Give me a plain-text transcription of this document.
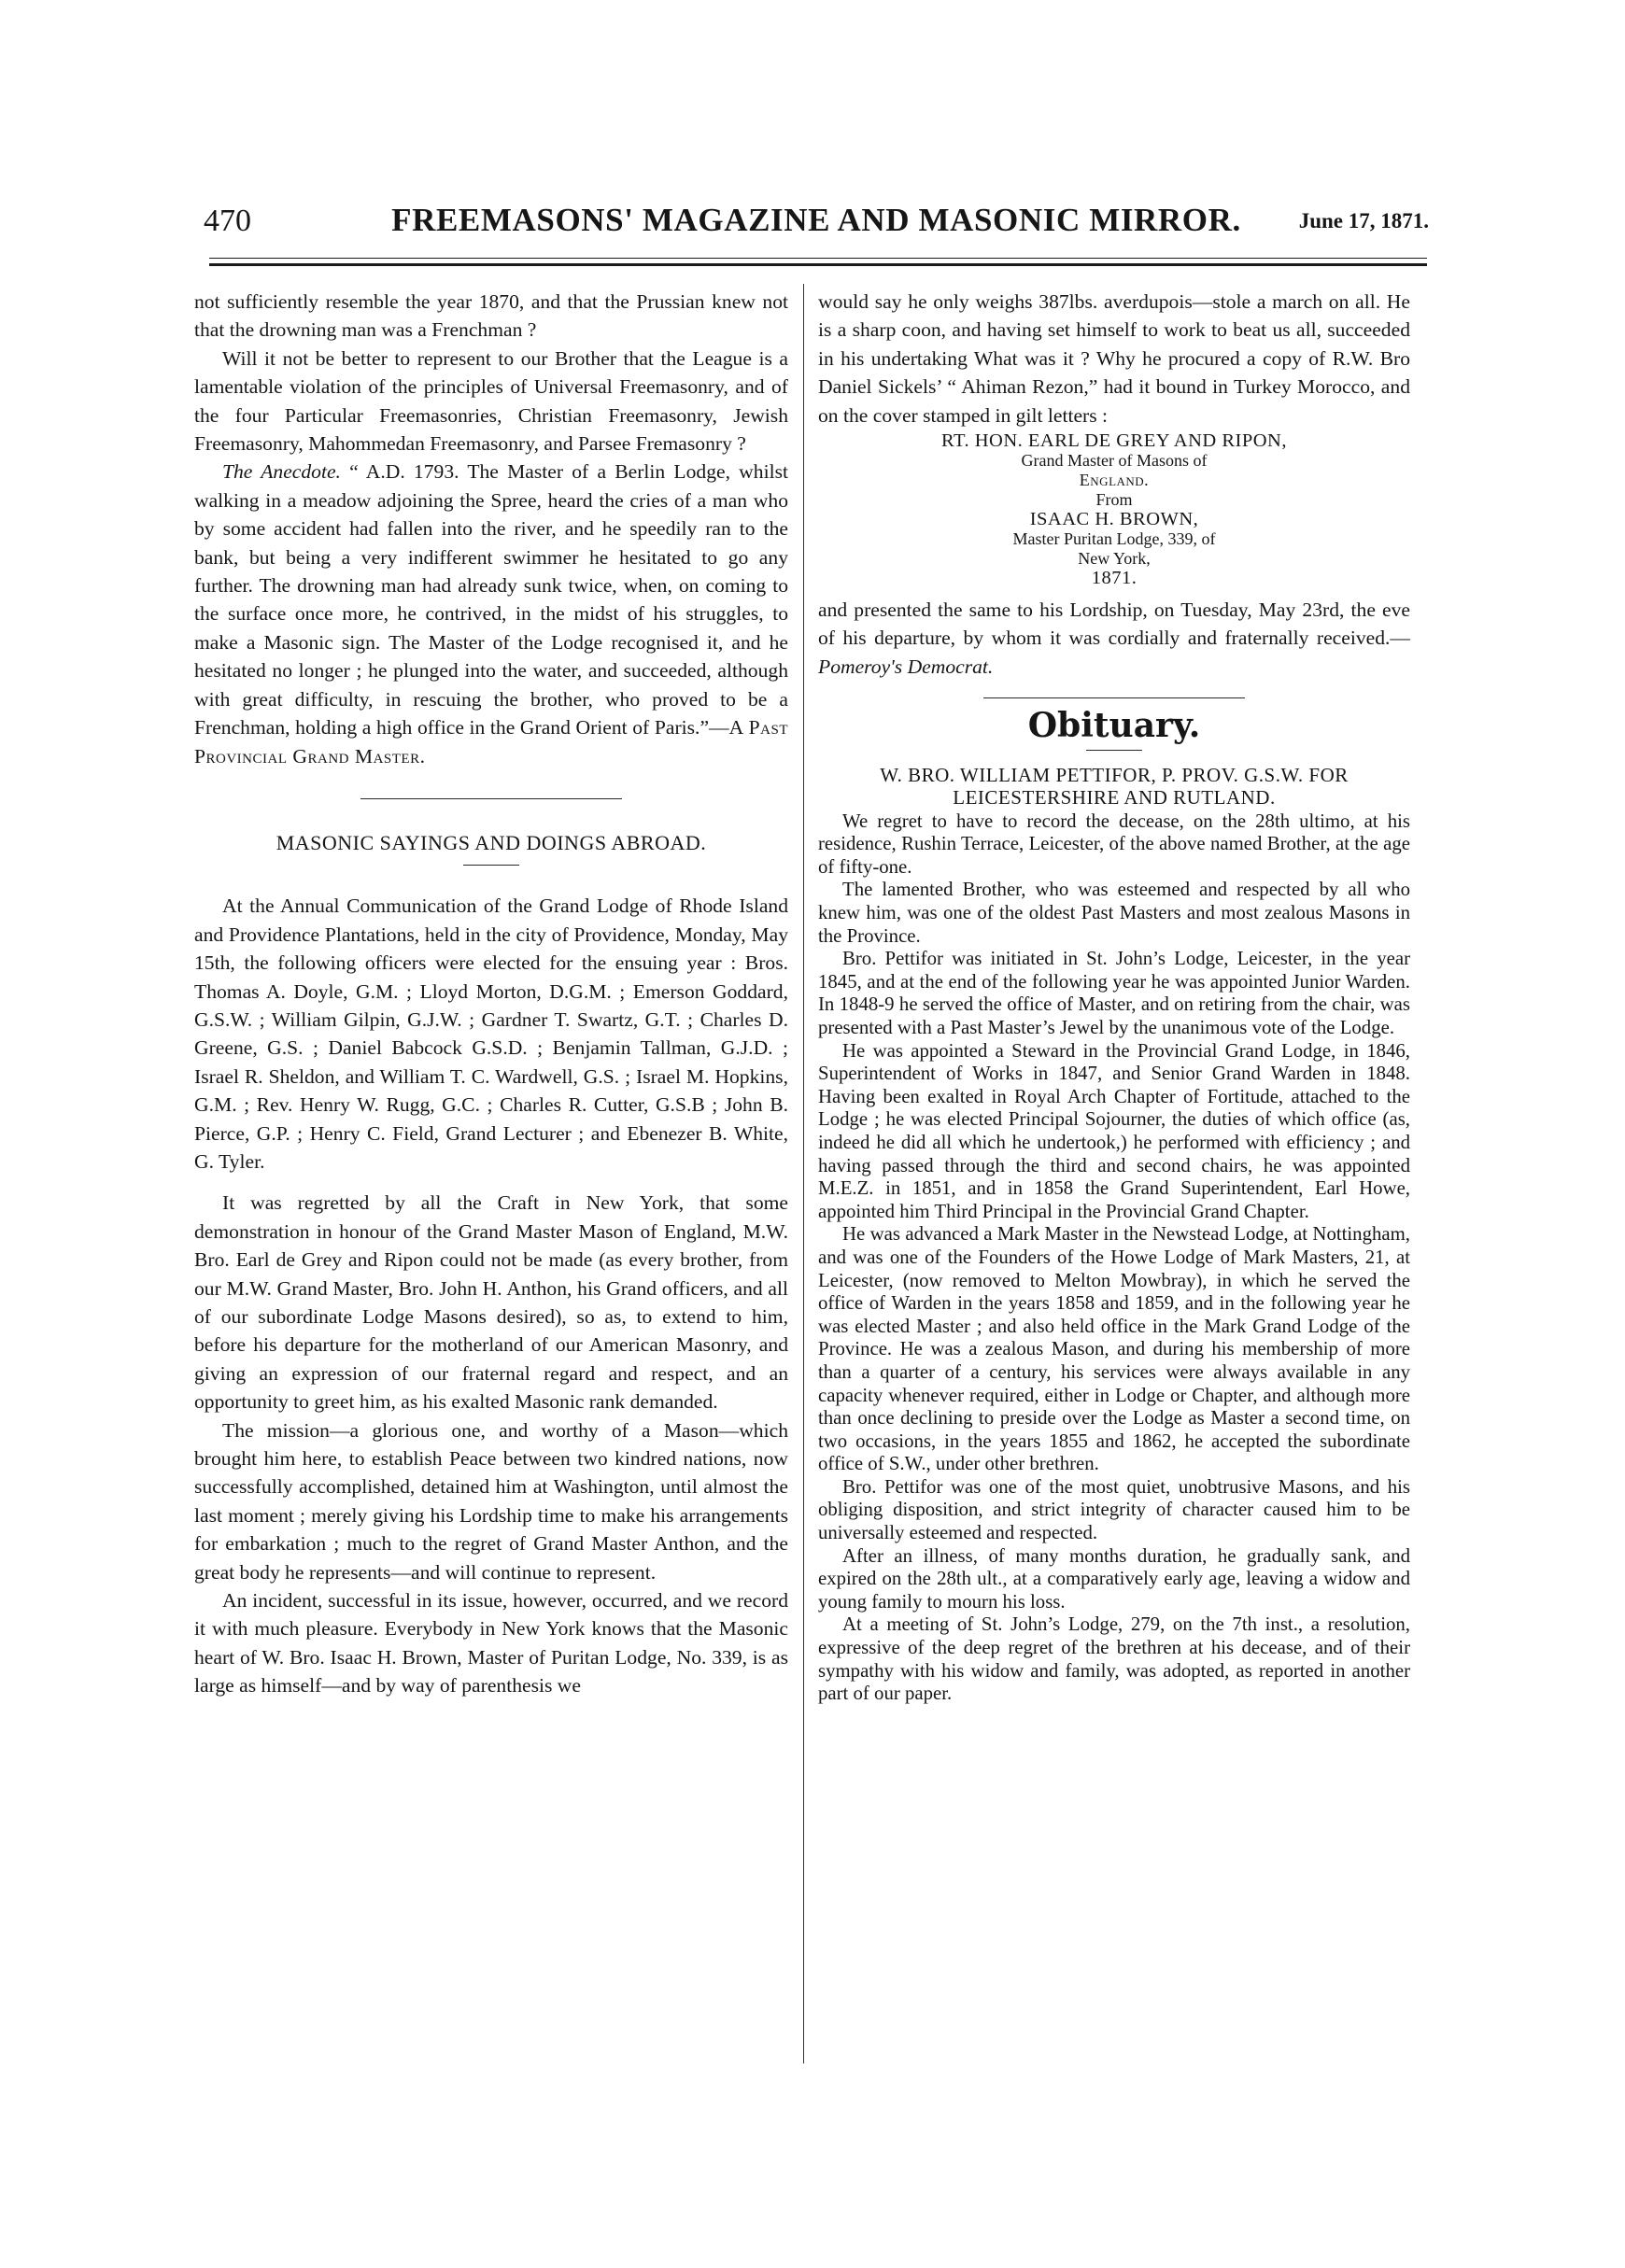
470	FREEMASONS' MAGAZINE AND MASONIC MIRROR.	June 17, 1871.

not sufficiently resemble the year 1870, and that the Prussian knew not that the drowning man was a Frenchman ?

Will it not be better to represent to our Brother that the League is a lamentable violation of the principles of Universal Freemasonry, and of the four Particular Freemasonries, Christian Freemasonry, Jewish Freemasonry, Mahommedan Freemasonry, and Parsee Fremasonry ?

The Anecdote. “ A.D. 1793. The Master of a Berlin Lodge, whilst walking in a meadow adjoining the Spree, heard the cries of a man who by some accident had fallen into the river, and he speedily ran to the bank, but being a very indifferent swimmer he hesitated to go any further. The drowning man had already sunk twice, when, on coming to the surface once more, he contrived, in the midst of his struggles, to make a Masonic sign. The Master of the Lodge recognised it, and he hesitated no longer ; he plunged into the water, and succeeded, although with great difficulty, in rescuing the brother, who proved to be a Frenchman, holding a high office in the Grand Orient of Paris.”—A Past Provincial Grand Master.

MASONIC SAYINGS AND DOINGS ABROAD.

At the Annual Communication of the Grand Lodge of Rhode Island and Providence Plantations, held in the city of Providence, Monday, May 15th, the following officers were elected for the ensuing year : Bros. Thomas A. Doyle, G.M. ; Lloyd Morton, D.G.M. ; Emerson Goddard, G.S.W. ; William Gilpin, G.J.W. ; Gardner T. Swartz, G.T. ; Charles D. Greene, G.S. ; Daniel Babcock G.S.D. ; Benjamin Tallman, G.J.D. ; Israel R. Sheldon, and William T. C. Wardwell, G.S. ; Israel M. Hopkins, G.M. ; Rev. Henry W. Rugg, G.C. ; Charles R. Cutter, G.S.B ; John B. Pierce, G.P. ; Henry C. Field, Grand Lecturer ; and Ebenezer B. White, G. Tyler.

It was regretted by all the Craft in New York, that some demonstration in honour of the Grand Master Mason of England, M.W. Bro. Earl de Grey and Ripon could not be made (as every brother, from our M.W. Grand Master, Bro. John H. Anthon, his Grand officers, and all of our subordinate Lodge Masons desired), so as, to extend to him, before his departure for the motherland of our American Masonry, and giving an expression of our fraternal regard and respect, and an opportunity to greet him, as his exalted Masonic rank demanded.

The mission—a glorious one, and worthy of a Mason—which brought him here, to establish Peace between two kindred nations, now successfully accomplished, detained him at Washington, until almost the last moment ; merely giving his Lordship time to make his arrangements for embarkation ; much to the regret of Grand Master Anthon, and the great body he represents—and will continue to represent.

An incident, successful in its issue, however, occurred, and we record it with much pleasure. Everybody in New York knows that the Masonic heart of W. Bro. Isaac H. Brown, Master of Puritan Lodge, No. 339, is as large as himself—and by way of parenthesis we

would say he only weighs 387lbs. averdupois—stole a march on all. He is a sharp coon, and having set himself to work to beat us all, succeeded in his undertaking What was it ? Why he procured a copy of R.W. Bro Daniel Sickels’ “ Ahiman Rezon,” had it bound in Turkey Morocco, and on the cover stamped in gilt letters :

RT. HON. EARL DE GREY AND RIPON,
Grand Master of Masons of
England.
From
ISAAC H. BROWN,
Master Puritan Lodge, 339, of
New York,
1871.

and presented the same to his Lordship, on Tuesday, May 23rd, the eve of his departure, by whom it was cordially and fraternally received.—Pomeroy's Democrat.

Obituary.
W. BRO. WILLIAM PETTIFOR, P. PROV. G.S.W. FOR LEICESTERSHIRE AND RUTLAND.

We regret to have to record the decease, on the 28th ultimo, at his residence, Rushin Terrace, Leicester, of the above named Brother, at the age of fifty-one.

The lamented Brother, who was esteemed and respected by all who knew him, was one of the oldest Past Masters and most zealous Masons in the Province.

Bro. Pettifor was initiated in St. John’s Lodge, Leicester, in the year 1845, and at the end of the following year he was appointed Junior Warden. In 1848-9 he served the office of Master, and on retiring from the chair, was presented with a Past Master’s Jewel by the unanimous vote of the Lodge.

He was appointed a Steward in the Provincial Grand Lodge, in 1846, Superintendent of Works in 1847, and Senior Grand Warden in 1848. Having been exalted in Royal Arch Chapter of Fortitude, attached to the Lodge ; he was elected Principal Sojourner, the duties of which office (as, indeed he did all which he undertook,) he performed with efficiency ; and having passed through the third and second chairs, he was appointed M.E.Z. in 1851, and in 1858 the Grand Superintendent, Earl Howe, appointed him Third Principal in the Provincial Grand Chapter.

He was advanced a Mark Master in the Newstead Lodge, at Nottingham, and was one of the Founders of the Howe Lodge of Mark Masters, 21, at Leicester, (now removed to Melton Mowbray), in which he served the office of Warden in the years 1858 and 1859, and in the following year he was elected Master ; and also held office in the Mark Grand Lodge of the Province. He was a zealous Mason, and during his membership of more than a quarter of a century, his services were always available in any capacity whenever required, either in Lodge or Chapter, and although more than once declining to preside over the Lodge as Master a second time, on two occasions, in the years 1855 and 1862, he accepted the subordinate office of S.W., under other brethren.

Bro. Pettifor was one of the most quiet, unobtrusive Masons, and his obliging disposition, and strict integrity of character caused him to be universally esteemed and respected.

After an illness, of many months duration, he gradually sank, and expired on the 28th ult., at a comparatively early age, leaving a widow and young family to mourn his loss.

At a meeting of St. John’s Lodge, 279, on the 7th inst., a resolution, expressive of the deep regret of the brethren at his decease, and of their sympathy with his widow and family, was adopted, as reported in another part of our paper.
